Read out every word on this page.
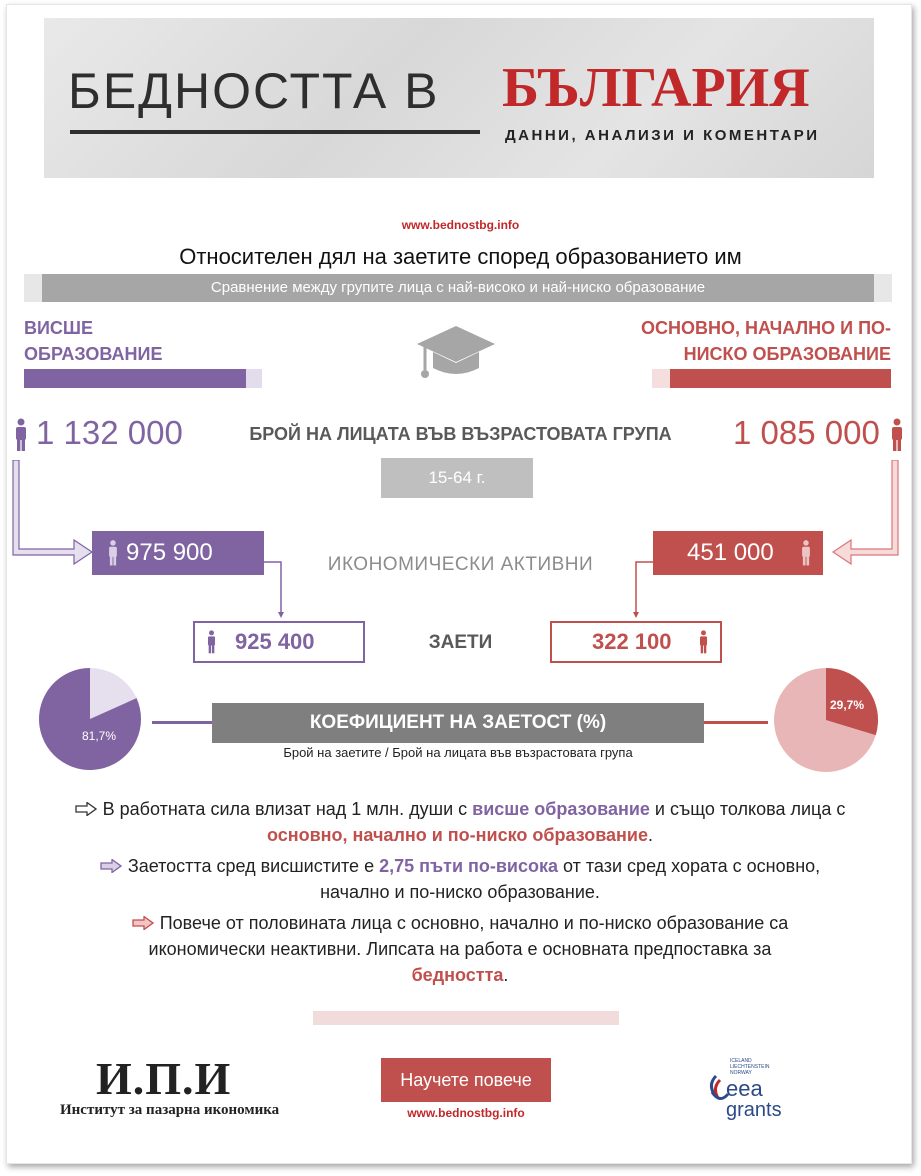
БЕДНОСТТА В БЪЛГАРИЯ
ДАННИ, АНАЛИЗИ И КОМЕНТАРИ
www.bednostbg.info
Относителен дял на заетите според образованието им
Сравнение между групите лица с най-високо и най-ниско образование
ВИСШЕ
ОБРАЗОВАНИЕ
ОСНОВНО, НАЧАЛНО И ПО-
НИСКО ОБРАЗОВАНИЕ
1 132 000	БРОЙ НА ЛИЦАТА ВЪВ ВЪЗРАСТОВАТА ГРУПА	1 085 000
15-64 г.
975 900	ИКОНОМИЧЕСКИ АКТИВНИ	451 000
925 400	ЗАЕТИ	322 100
81,7%
29,7%
КОЕФИЦИЕНТ НА ЗАЕТОСТ (%)
Брой на заетите / Брой на лицата във възрастовата група
В работната сила влизат над 1 млн. души с висше образование и също толкова лица с основно, начално и по-ниско образование.
Заетостта сред висшистите е 2,75 пъти по-висока от тази сред хората с основно, начално и по-ниско образование.
Повече от половината лица с основно, начално и по-ниско образование са икономически неактивни. Липсата на работа е основната предпоставка за бедността.
И.П.И
Институт за пазарна икономика
Научете повече
www.bednostbg.info
ICELAND
LIECHTENSTEIN
NORWAY
eea
grants
